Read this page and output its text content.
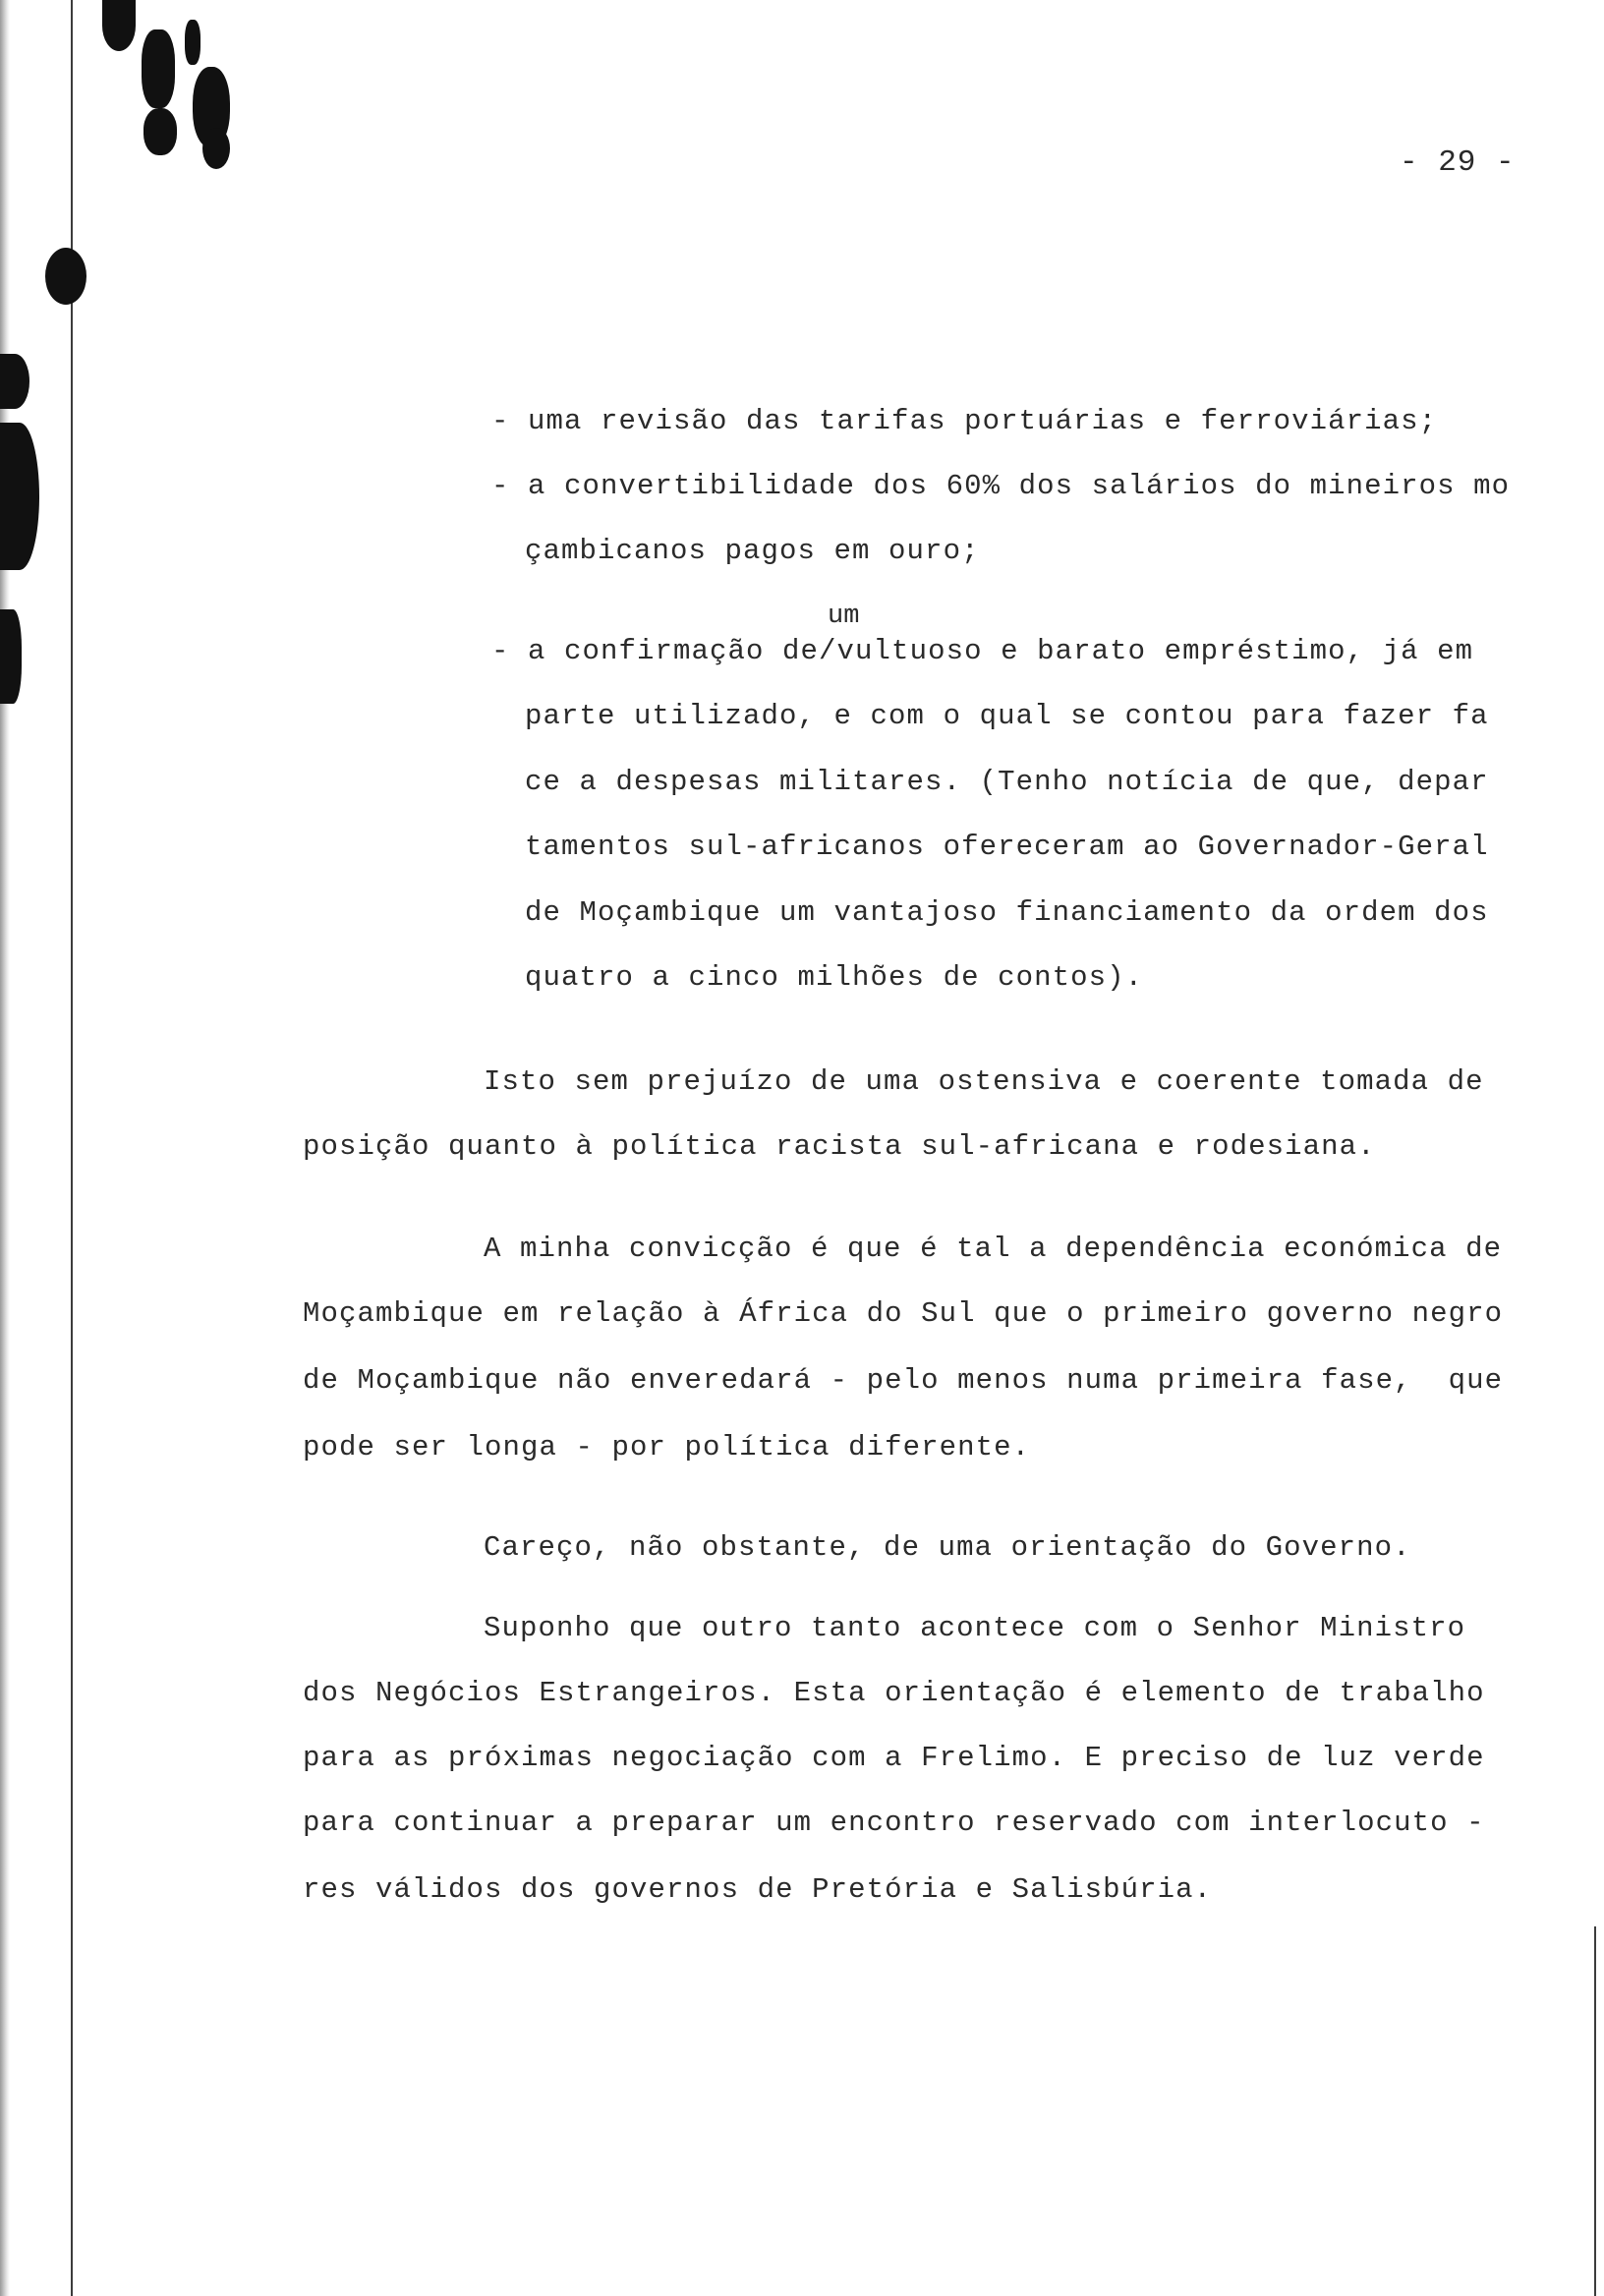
- 29 -
- uma revisão das tarifas portuárias e ferroviárias;
- a convertibilidade dos 60% dos salários do mineiros mo
çambicanos pagos em ouro;
um
- a confirmação de/vultuoso e barato empréstimo, já em
parte utilizado, e com o qual se contou para fazer fa
ce a despesas militares. (Tenho notícia de que, depar
tamentos sul-africanos ofereceram ao Governador-Geral
de Moçambique um vantajoso financiamento da ordem dos
quatro a cinco milhões de contos).
Isto sem prejuízo de uma ostensiva e coerente tomada de
posição quanto à política racista sul-africana e rodesiana.
A minha convicção é que é tal a dependência económica de
Moçambique em relação à África do Sul que o primeiro governo negro
de Moçambique não enveredará - pelo menos numa primeira fase,  que
pode ser longa - por política diferente.
Careço, não obstante, de uma orientação do Governo.
Suponho que outro tanto acontece com o Senhor Ministro
dos Negócios Estrangeiros. Esta orientação é elemento de trabalho
para as próximas negociação com a Frelimo. E preciso de luz verde
para continuar a preparar um encontro reservado com interlocuto -
res válidos dos governos de Pretória e Salisbúria.
